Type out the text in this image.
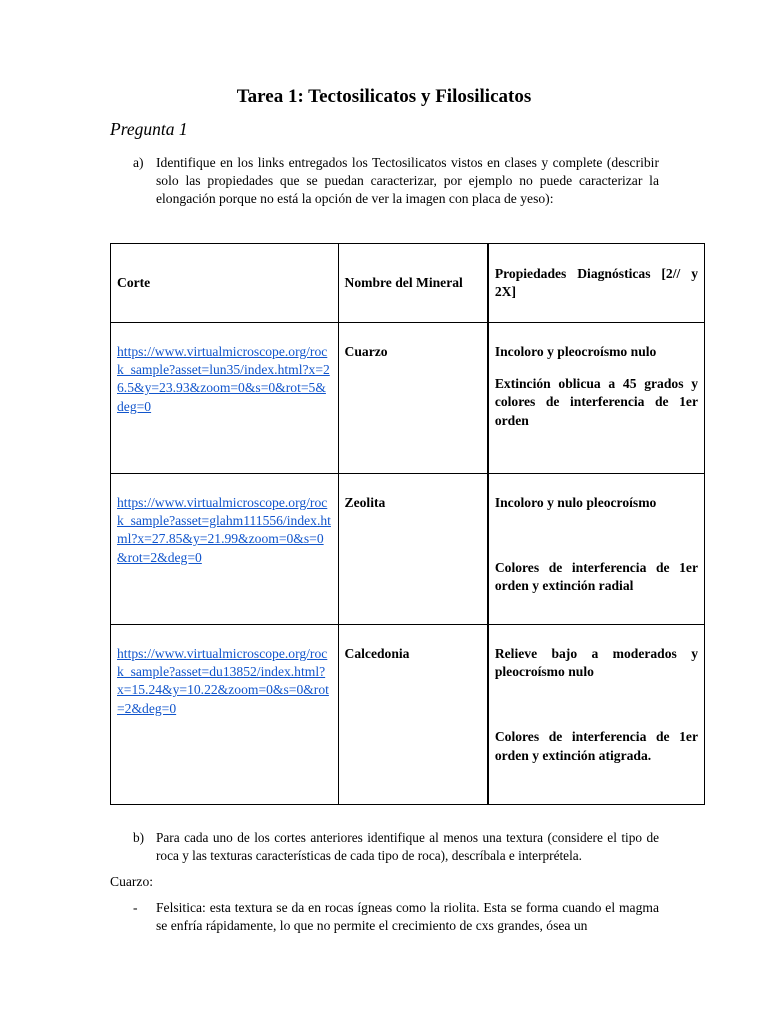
Tarea 1: Tectosilicatos y Filosilicatos
Pregunta 1
a) Identifique en los links entregados los Tectosilicatos vistos en clases y complete (describir solo las propiedades que se puedan caracterizar, por ejemplo no puede caracterizar la elongación porque no está la opción de ver la imagen con placa de yeso):
Corte	Nombre del Mineral	Propiedades Diagnósticas [2// y 2X]

https://www.virtualmicroscope.org/rock_sample?asset=lun35/index.html?x=26.5&y=23.93&zoom=0&s=0&rot=5&deg=0	Cuarzo	Incoloro y pleocroísmo nulo

Extinción oblicua a 45 grados y colores de interferencia de 1er orden

https://www.virtualmicroscope.org/rock_sample?asset=glahm111556/index.html?x=27.85&y=21.99&zoom=0&s=0&rot=2&deg=0	Zeolita	Incoloro y nulo pleocroísmo

Colores de interferencia de 1er orden y extinción radial

https://www.virtualmicroscope.org/rock_sample?asset=du13852/index.html?x=15.24&y=10.22&zoom=0&s=0&rot=2&deg=0	Calcedonia	Relieve bajo a moderados y pleocroísmo nulo

Colores de interferencia de 1er orden y extinción atigrada.

b) Para cada uno de los cortes anteriores identifique al menos una textura (considere el tipo de roca y las texturas características de cada tipo de roca), descríbala e interprétela.
Cuarzo:
- Felsitica: esta textura se da en rocas ígneas como la riolita. Esta se forma cuando el magma se enfría rápidamente, lo que no permite el crecimiento de cxs grandes, ósea un
